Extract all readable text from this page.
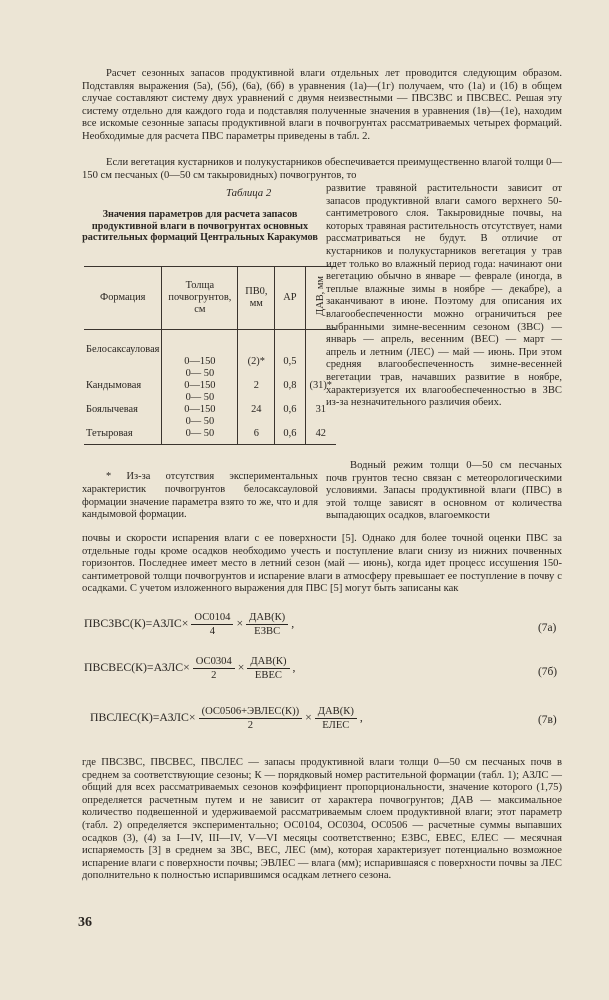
Расчет сезонных запасов продуктивной влаги отдельных лет проводится следующим образом. Подставляя выражения (5а), (5б), (6а), (6б) в уравнения (1а)—(1г) получаем, что (1а) и (1б) в общем случае составляют систему двух уравнений с двумя неизвестными — ПВСЗВС и ПВСВЕС. Решая эту систему отдельно для каждого года и подставляя полученные значения в уравнения (1в)—(1е), находим все искомые сезонные запасы продуктивной влаги в почвогрунтах рассматриваемых четырех формаций. Необходимые для расчета ПВС параметры приведены в табл. 2.

Если вегетация кустарников и полукустарников обеспечивается преимущественно влагой толщи 0—150 см песчаных (0—50 см такыровидных) почвогрунтов, то

Таблица 2
Значения параметров для расчета запасов продуктивной влаги в почвогрунтах основных растительных формаций Центральных Каракумов
Формация	Толща почвогрунтов, см	ПВ0, мм	АР	ДАВ, мм
Белосаксауловая	0—150
0— 50	(2)*	0,5	
Кандымовая	0—150
0— 50	2	0,8	(31)*
Боялычевая	0—150
0— 50	24	0,6	31
Тетыровая	0— 50	6	0,6	42

* Из-за отсутствия экспериментальных характеристик почвогрунтов белосаксауловой формации значение параметра взято то же, что и для кандымовой формации.

развитие травяной растительности зависит от запасов продуктивной влаги самого верхнего 50-сантиметрового слоя. Такыровидные почвы, на которых травяная растительность отсутствует, нами рассматриваться не будут. В отличие от кустарников и полукустарников вегетация у трав идет только во влажный период года: начинают они вегетацию обычно в январе — феврале (иногда, в теплые влажные зимы в ноябре — декабре), а заканчивают в июне. Поэтому для описания их влагообеспеченности можно ограничиться рее выбранными зимне-весенним сезоном (ЗВС) — январь — апрель, весенним (ВЕС) — март — апрель и летним (ЛЕС) — май — июнь. При этом средняя влагообеспеченность зимне-весенней вегетации трав, начавших развитие в ноябре, характеризуется их влагообеспеченностью в ЗВС из-за незначительного различия обеих.

Водный режим толщи 0—50 см песчаных почв грунтов тесно связан с метеорологическими условиями. Запасы продуктивной влаги (ПВС) в этой толще зависят в основном от количества выпадающих осадков, влагоемкости

почвы и скорости испарения влаги с ее поверхности [5]. Однако для более точной оценки ПВС за отдельные годы кроме осадков необходимо учесть и поступление влаги снизу из нижних почвенных горизонтов. Последнее имеет место в летний сезон (май — июнь), когда идет процесс иссушения 150-сантиметровой толщи почвогрунтов и испарение влаги в атмосферу превышает ее поступление в почву с осадками. С учетом изложенного выражения для ПВС [5] могут быть записаны как

ПВСЗВС(К)=АЗЛС× $\frac{ОС0104}{4} \times \frac{\text{ДАВ(К)}}{\text{ЕЗВС}}$ ,	(7а)
ПВСВЕС(К)=АЗЛС× $\frac{ОС0304}{2} \times \frac{\text{ДАВ(К)}}{\text{ЕВЕС}}$ ,	(7б)
ПВСЛЕС(К)=АЗЛС× $\frac{\text{(ОС0506+ЭВЛЕС(К))}}{2} \times \frac{\text{ДАВ(К)}}{\text{ЕЛЕС}}$ ,	(7в)

где ПВСЗВС, ПВСВЕС, ПВСЛЕС — запасы продуктивной влаги толщи 0—50 см песчаных почв в среднем за соответствующие сезоны; К — порядковый номер растительной формации (табл. 1); АЗЛС — общий для всех рассматриваемых сезонов коэффициент пропорциональности, значение которого (1,75) определяется расчетным путем и не зависит от характера почвогрунтов; ДАВ — максимальное количество подвешенной и удерживаемой рассматриваемым слоем продуктивной влаги; этот параметр (табл. 2) определяется экспериментально; ОС0104, ОС0304, ОС0506 — расчетные суммы выпавших осадков (3), (4) за I—IV, III—IV, V—VI месяцы соответственно; ЕЗВС, ЕВЕС, ЕЛЕС — месячная испаряемость [3] в среднем за ЗВС, ВЕС, ЛЕС (мм), которая характеризует потенциально возможное испарение влаги с поверхности почвы; ЭВЛЕС — влага (мм); испарившаяся с поверхности почвы за ЛЕС дополнительно к полностью испарившимся осадкам летнего сезона.

36
